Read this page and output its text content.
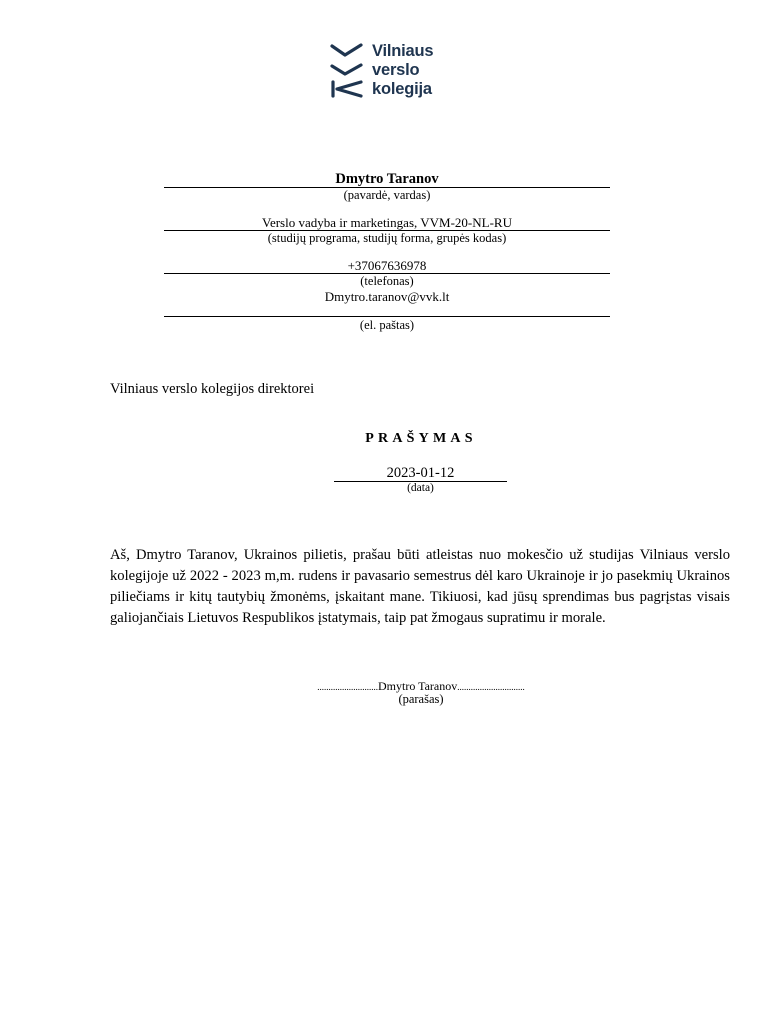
Vilniaus
verslo
kolegija
Dmytro Taranov
(pavardė, vardas)
Verslo vadyba ir marketingas, VVM-20-NL-RU
(studijų programa, studijų forma, grupės kodas)
+37067636978
(telefonas)
Dmytro.taranov@vvk.lt
(el. paštas)
Vilniaus verslo kolegijos direktorei
PRAŠYMAS
2023-01-12
(data)
Aš, Dmytro Taranov, Ukrainos pilietis, prašau būti atleistas nuo mokesčio už studijas Vilniaus verslo kolegijoje už 2022 - 2023 m,m. rudens ir pavasario semestrus dėl karo Ukrainoje ir jo pasekmių Ukrainos piliečiams ir kitų tautybių žmonėms, įskaitant mane. Tikiuosi, kad jūsų sprendimas bus pagrįstas visais galiojančiais Lietuvos Respublikos įstatymais, taip pat žmogaus supratimu ir morale.
...........................Dmytro Taranov..............................
(parašas)
